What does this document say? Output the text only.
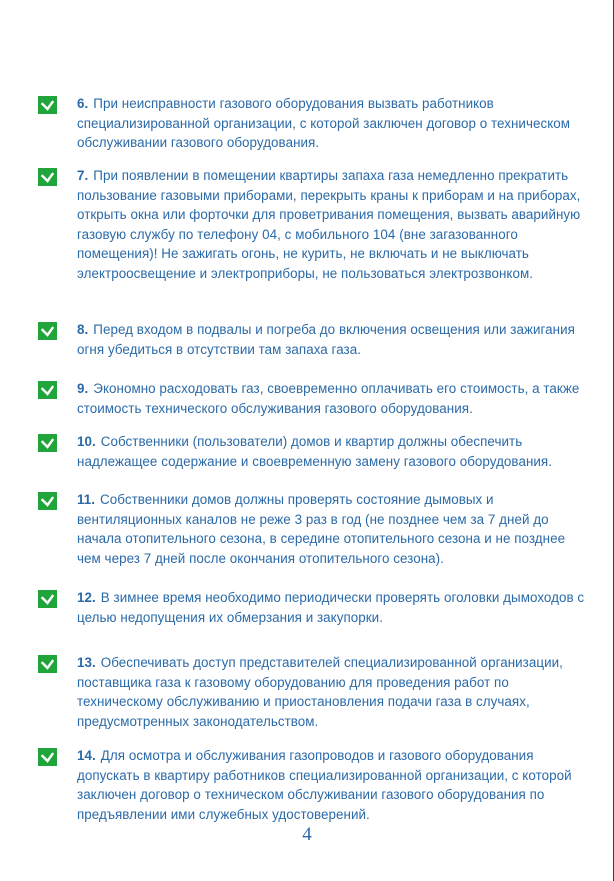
6. При неисправности газового оборудования вызвать работников специализированной организации, с которой заключен договор о техническом обслуживании газового оборудования.
7. При появлении в помещении квартиры запаха газа немедленно прекратить пользование газовыми приборами, перекрыть краны к приборам и на приборах, открыть окна или форточки для проветривания помещения, вызвать аварийную газовую службу по телефону 04, с мобильного 104 (вне загазованного помещения)! Не зажигать огонь, не курить, не включать и не выключать электроосвещение и электроприборы, не пользоваться электрозвонком.
8. Перед входом в подвалы и погреба до включения освещения или зажигания огня убедиться в отсутствии там запаха газа.
9. Экономно расходовать газ, своевременно оплачивать его стоимость, а также стоимость технического обслуживания газового оборудования.
10. Собственники (пользователи) домов и квартир должны обеспечить надлежащее содержание и своевременную замену газового оборудования.
11. Собственники домов должны проверять состояние дымовых и вентиляционных каналов не реже 3 раз в год (не позднее чем за 7 дней до начала отопительного сезона, в середине отопительного сезона и не позднее чем через 7 дней после окончания отопительного сезона).
12. В зимнее время необходимо периодически проверять оголовки дымоходов с целью недопущения их обмерзания и закупорки.
13. Обеспечивать доступ представителей специализированной организации, поставщика газа к газовому оборудованию для проведения работ по техническому обслуживанию и приостановления подачи газа в случаях, предусмотренных законодательством.
14. Для осмотра и обслуживания газопроводов и газового оборудования допускать в квартиру работников специализированной организации, с которой заключен договор о техническом обслуживании газового оборудования по предъявлении ими служебных удостоверений.
4
